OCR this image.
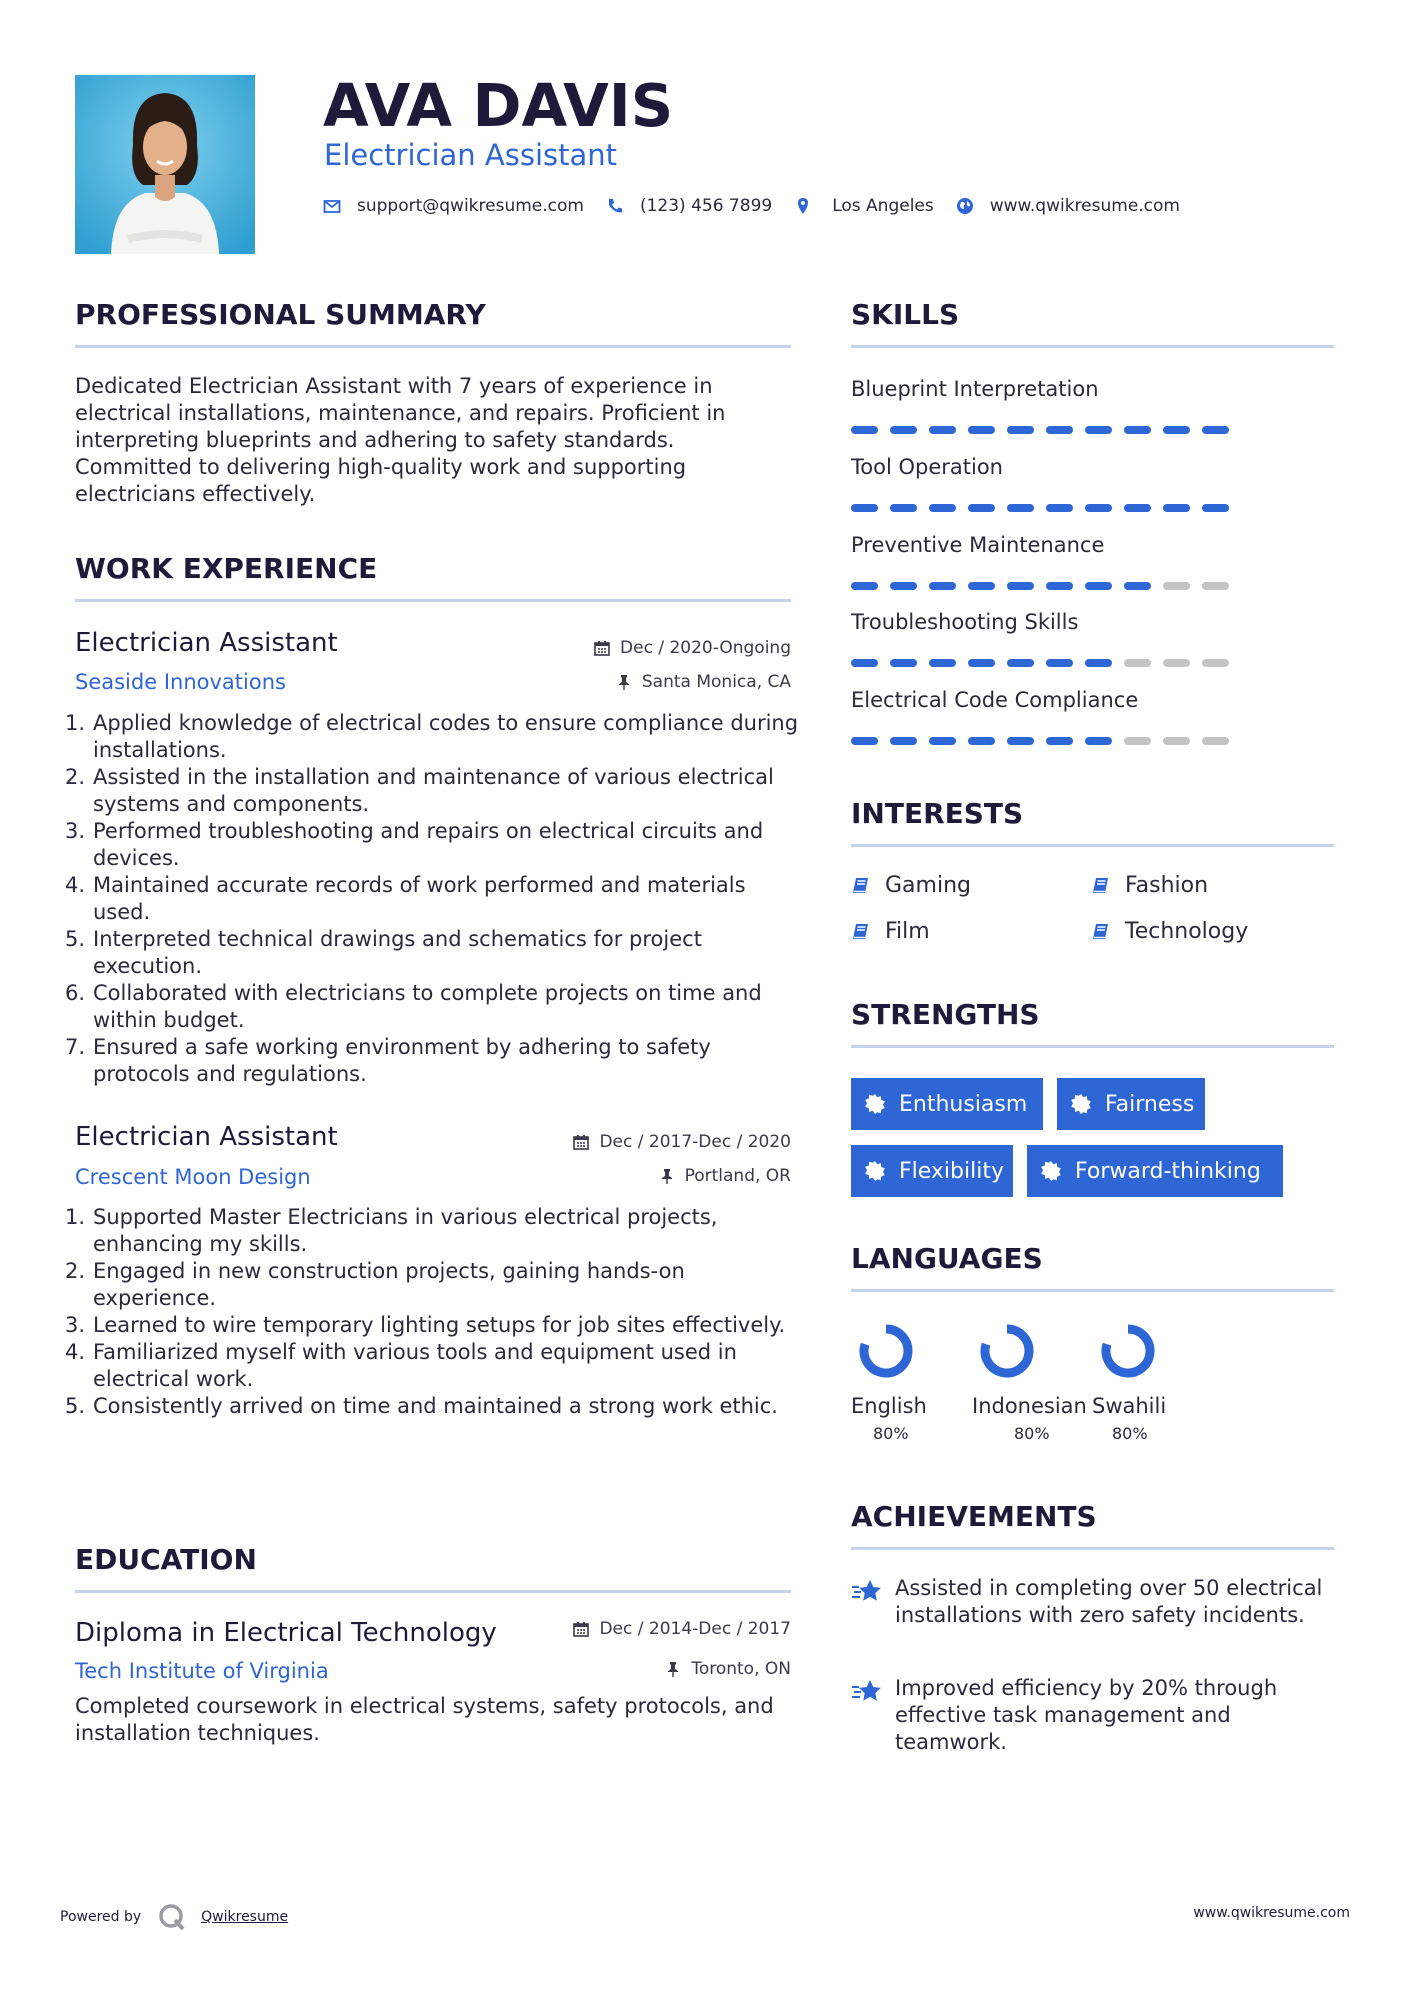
AVA DAVIS
Electrician Assistant
support@qwikresume.com	(123) 456 7899	Los Angeles	www.qwikresume.com
PROFESSIONAL SUMMARY
Dedicated Electrician Assistant with 7 years of experience in electrical installations, maintenance, and repairs. Proficient in interpreting blueprints and adhering to safety standards. Committed to delivering high-quality work and supporting electricians effectively.
WORK EXPERIENCE
Electrician Assistant	Dec / 2020-Ongoing
Seaside Innovations	Santa Monica, CA
1. Applied knowledge of electrical codes to ensure compliance during installations.
2. Assisted in the installation and maintenance of various electrical systems and components.
3. Performed troubleshooting and repairs on electrical circuits and devices.
4. Maintained accurate records of work performed and materials used.
5. Interpreted technical drawings and schematics for project execution.
6. Collaborated with electricians to complete projects on time and within budget.
7. Ensured a safe working environment by adhering to safety protocols and regulations.
Electrician Assistant	Dec / 2017-Dec / 2020
Crescent Moon Design	Portland, OR
1. Supported Master Electricians in various electrical projects, enhancing my skills.
2. Engaged in new construction projects, gaining hands-on experience.
3. Learned to wire temporary lighting setups for job sites effectively.
4. Familiarized myself with various tools and equipment used in electrical work.
5. Consistently arrived on time and maintained a strong work ethic.
EDUCATION
Diploma in Electrical Technology	Dec / 2014-Dec / 2017
Tech Institute of Virginia	Toronto, ON
Completed coursework in electrical systems, safety protocols, and installation techniques.
SKILLS
Blueprint Interpretation
Tool Operation
Preventive Maintenance
Troubleshooting Skills
Electrical Code Compliance
INTERESTS
Gaming	Fashion
Film	Technology
STRENGTHS
Enthusiasm	Fairness
Flexibility	Forward-thinking
LANGUAGES
English
80%
Indonesian
80%
Swahili
80%
ACHIEVEMENTS
Assisted in completing over 50 electrical installations with zero safety incidents.
Improved efficiency by 20% through effective task management and teamwork.
Powered by	Qwikresume	www.qwikresume.com
